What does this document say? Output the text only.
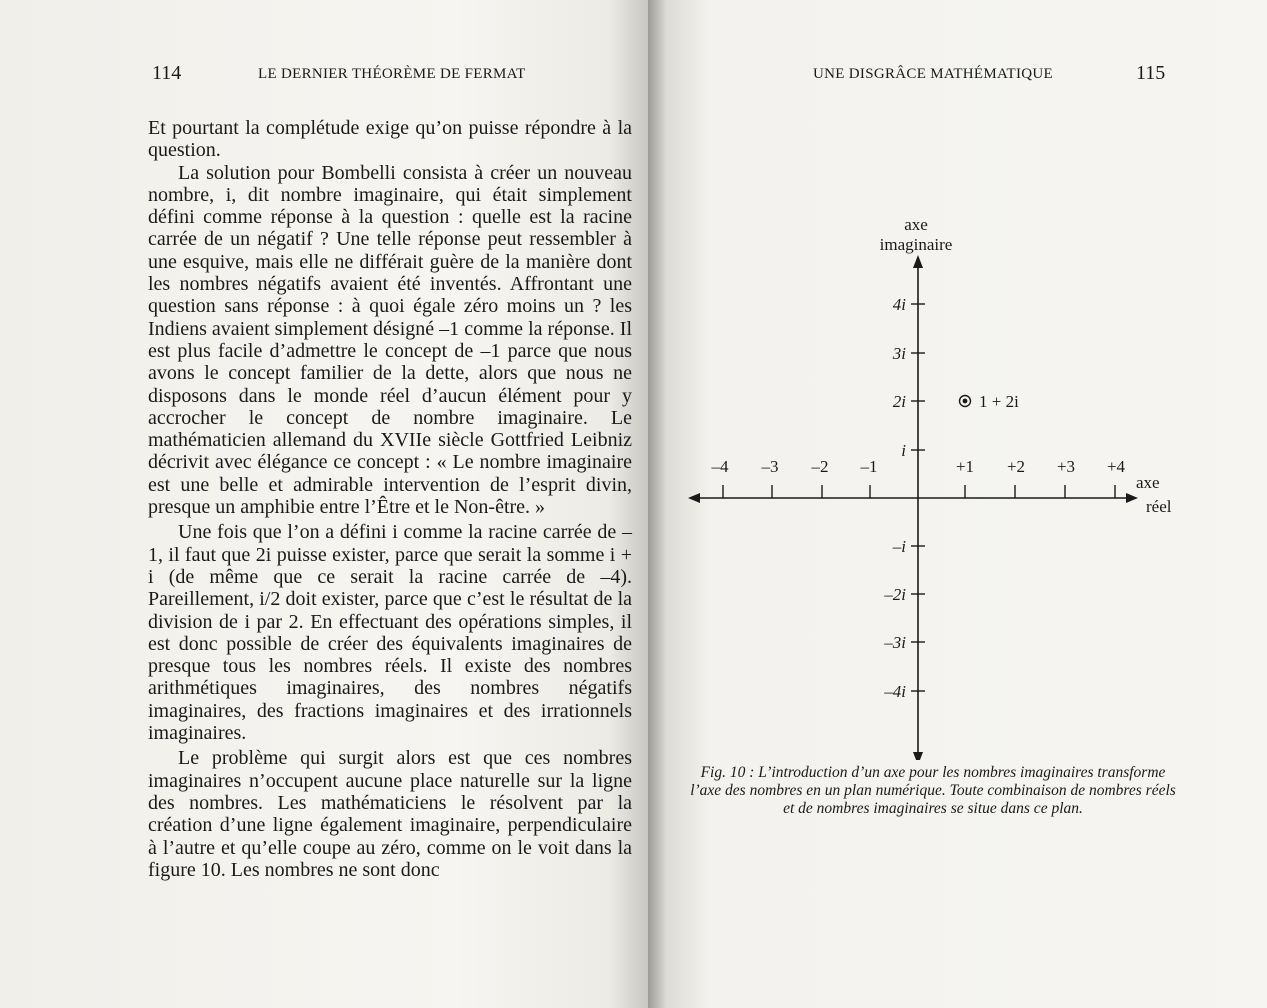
114	LE DERNIER THÉORÈME DE FERMAT

Et pourtant la complétude exige qu’on puisse répondre à la question.

La solution pour Bombelli consista à créer un nouveau nombre, i, dit nombre imaginaire, qui était simplement défini comme réponse à la question : quelle est la racine carrée de un négatif ? Une telle réponse peut ressembler à une esquive, mais elle ne différait guère de la manière dont les nombres négatifs avaient été inventés. Affrontant une question sans réponse : à quoi égale zéro moins un ? les Indiens avaient simplement désigné –1 comme la réponse. Il est plus facile d’admettre le concept de –1 parce que nous avons le concept familier de la dette, alors que nous ne disposons dans le monde réel d’aucun élément pour y accrocher le concept de nombre imaginaire. Le mathématicien allemand du XVIIe siècle Gottfried Leibniz décrivit avec élégance ce concept : « Le nombre imaginaire est une belle et admirable intervention de l’esprit divin, presque un amphibie entre l’Être et le Non-être. »

Une fois que l’on a défini i comme la racine carrée de –1, il faut que 2i puisse exister, parce que serait la somme i + i (de même que ce serait la racine carrée de –4). Pareillement, i/2 doit exister, parce que c’est le résultat de la division de i par 2. En effectuant des opérations simples, il est donc possible de créer des équivalents imaginaires de presque tous les nombres réels. Il existe des nombres arithmétiques imaginaires, des nombres négatifs imaginaires, des fractions imaginaires et des irrationnels imaginaires.

Le problème qui surgit alors est que ces nombres imaginaires n’occupent aucune place naturelle sur la ligne des nombres. Les mathématiciens le résolvent par la création d’une ligne également imaginaire, perpendiculaire à l’autre et qu’elle coupe au zéro, comme on le voit dans la figure 10. Les nombres ne sont donc

UNE DISGRÂCE MATHÉMATIQUE	115
axe
imaginaire
axe
réel
–4 –3 –2 –1	+1 +2 +3 +4
4i
3i
2i
i
–i
–2i
–3i
–4i
1 + 2i
Fig. 10 : L’introduction d’un axe pour les nombres imaginaires transforme l’axe des nombres en un plan numérique. Toute combinaison de nombres réels et de nombres imaginaires se situe dans ce plan.
